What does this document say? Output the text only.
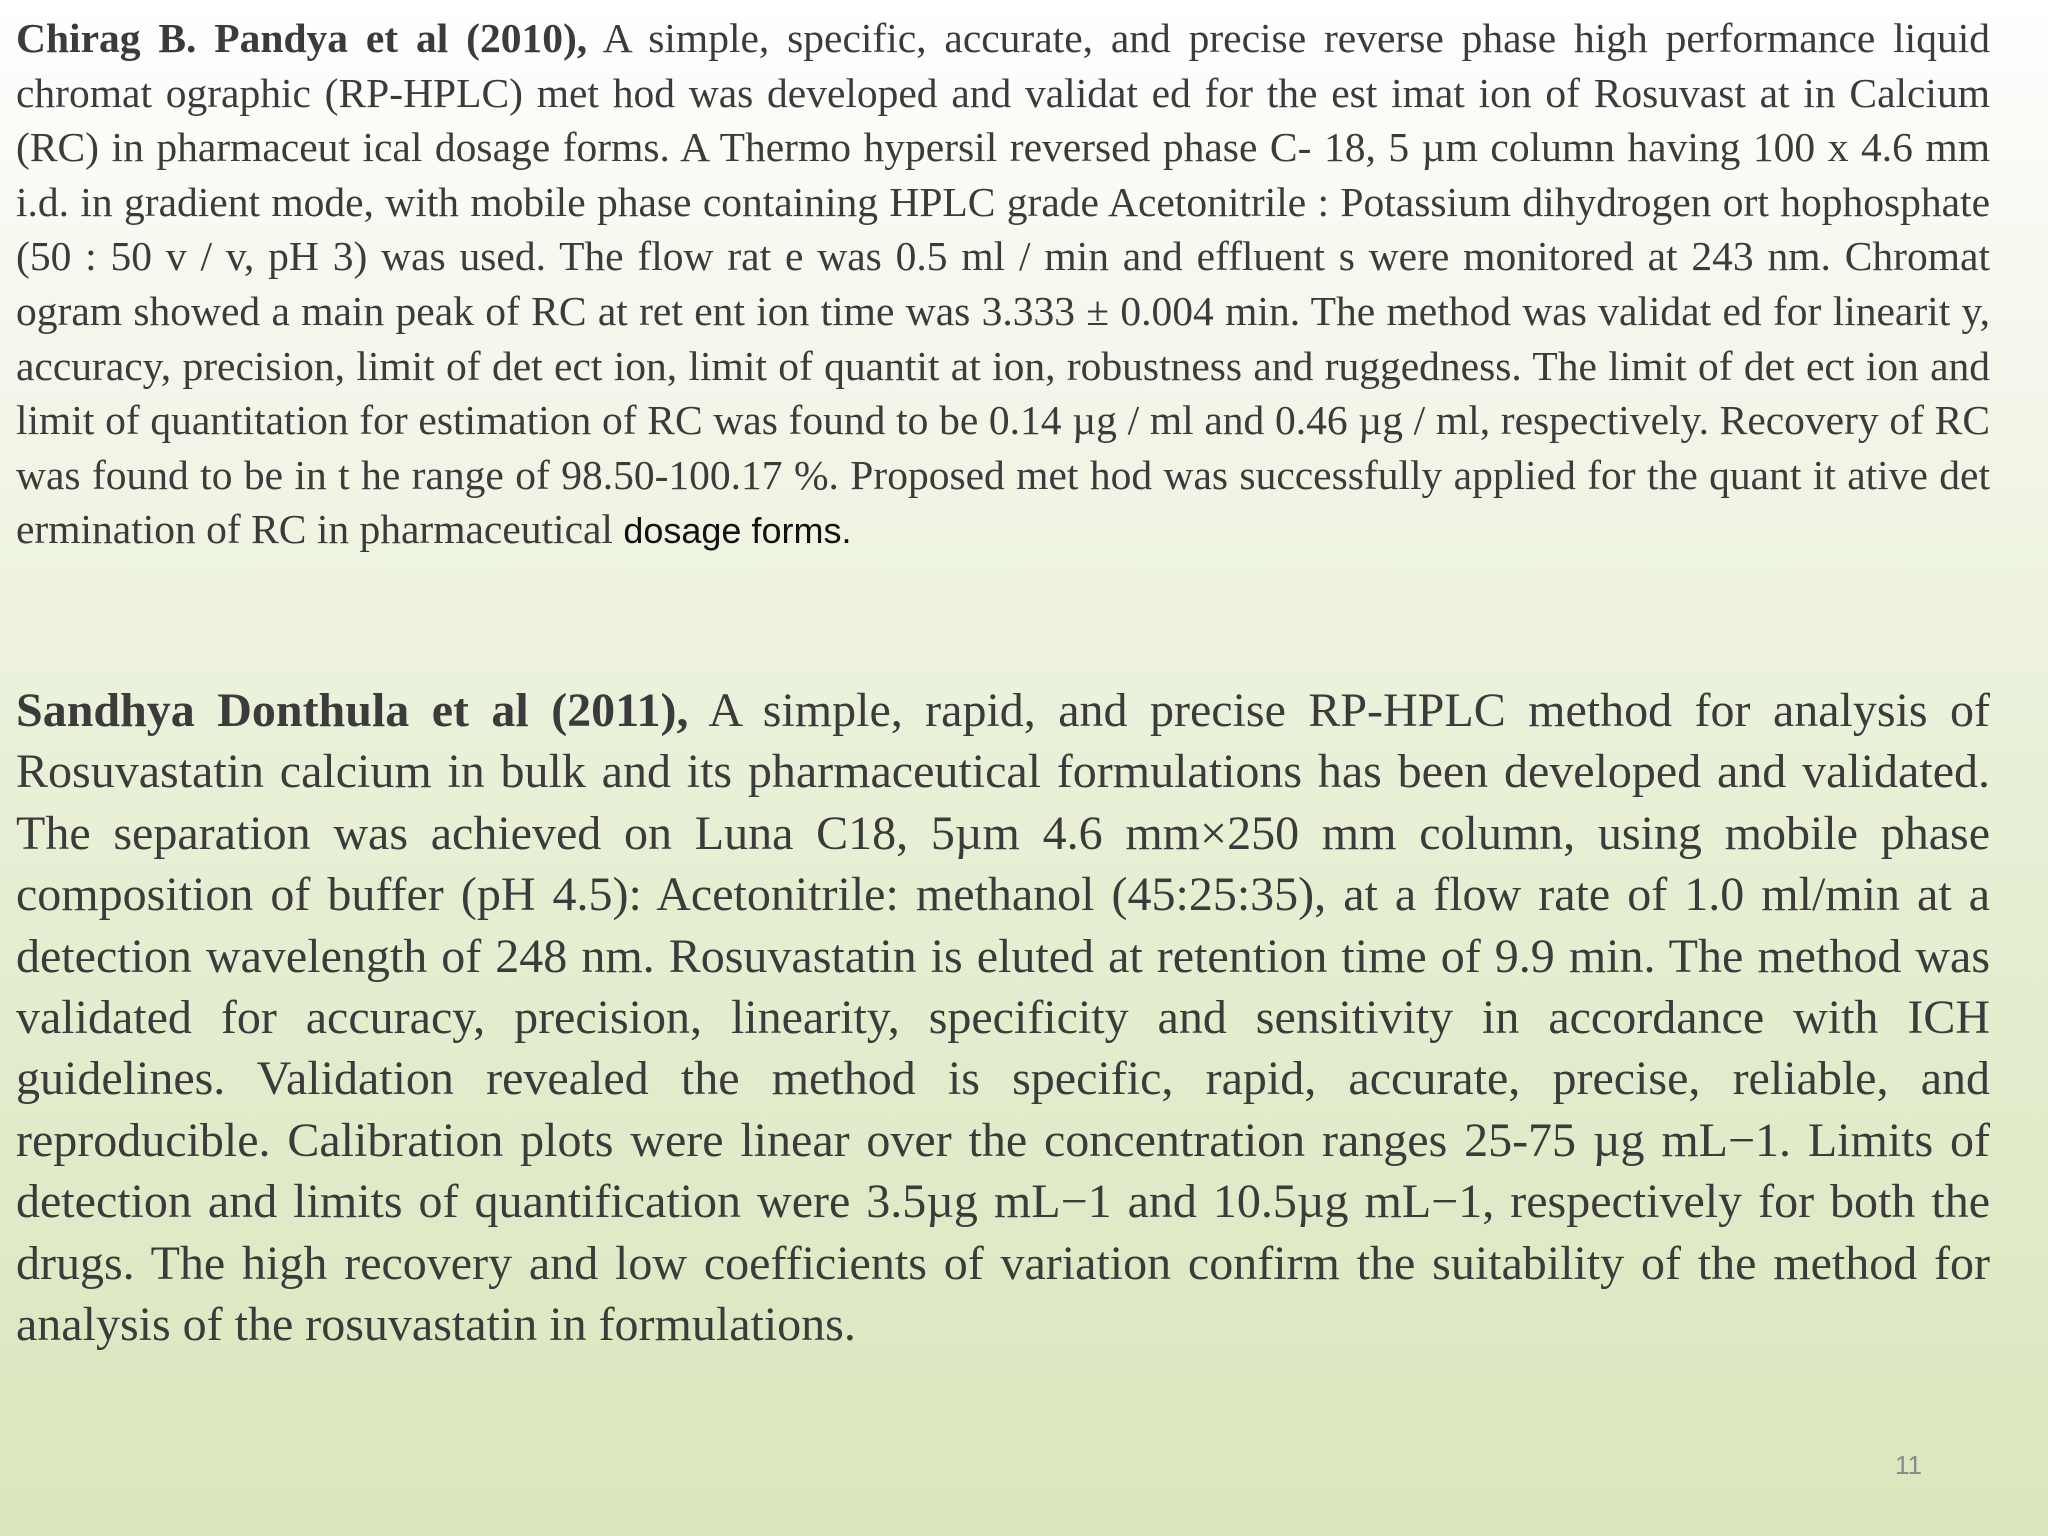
Chirag B. Pandya et al (2010), A simple, specific, accurate, and precise reverse phase high performance liquid chromat ographic (RP-HPLC) met hod was developed and validat ed for the est imat ion of Rosuvast at in Calcium (RC) in pharmaceut ical dosage forms. A Thermo hypersil reversed phase C- 18, 5 µm column having 100 x 4.6 mm i.d. in gradient mode, with mobile phase containing HPLC grade Acetonitrile : Potassium dihydrogen ort hophosphate (50 : 50 v / v, pH 3) was used. The flow rat e was 0.5 ml / min and effluent s were monitored at 243 nm. Chromat ogram showed a main peak of RC at ret ent ion time was 3.333 ± 0.004 min. The method was validat ed for linearit y, accuracy, precision, limit of det ect ion, limit of quantit at ion, robustness and ruggedness. The limit of det ect ion and limit of quantitation for estimation of RC was found to be 0.14 µg / ml and 0.46 µg / ml, respectively. Recovery of RC was found to be in t he range of 98.50-100.17 %. Proposed met hod was successfully applied for the quant it ative det ermination of RC in pharmaceutical dosage forms.

Sandhya Donthula et al (2011), A simple, rapid, and precise RP-HPLC method for analysis of Rosuvastatin calcium in bulk and its pharmaceutical formulations has been developed and validated. The separation was achieved on Luna C18, 5µm 4.6 mm×250 mm column, using mobile phase composition of buffer (pH 4.5): Acetonitrile: methanol (45:25:35), at a flow rate of 1.0 ml/min at a detection wavelength of 248 nm. Rosuvastatin is eluted at retention time of 9.9 min. The method was validated for accuracy, precision, linearity, specificity and sensitivity in accordance with ICH guidelines. Validation revealed the method is specific, rapid, accurate, precise, reliable, and reproducible. Calibration plots were linear over the concentration ranges 25-75 µg mL−1. Limits of detection and limits of quantification were 3.5µg mL−1 and 10.5µg mL−1, respectively for both the drugs. The high recovery and low coefficients of variation confirm the suitability of the method for analysis of the rosuvastatin in formulations.

11
